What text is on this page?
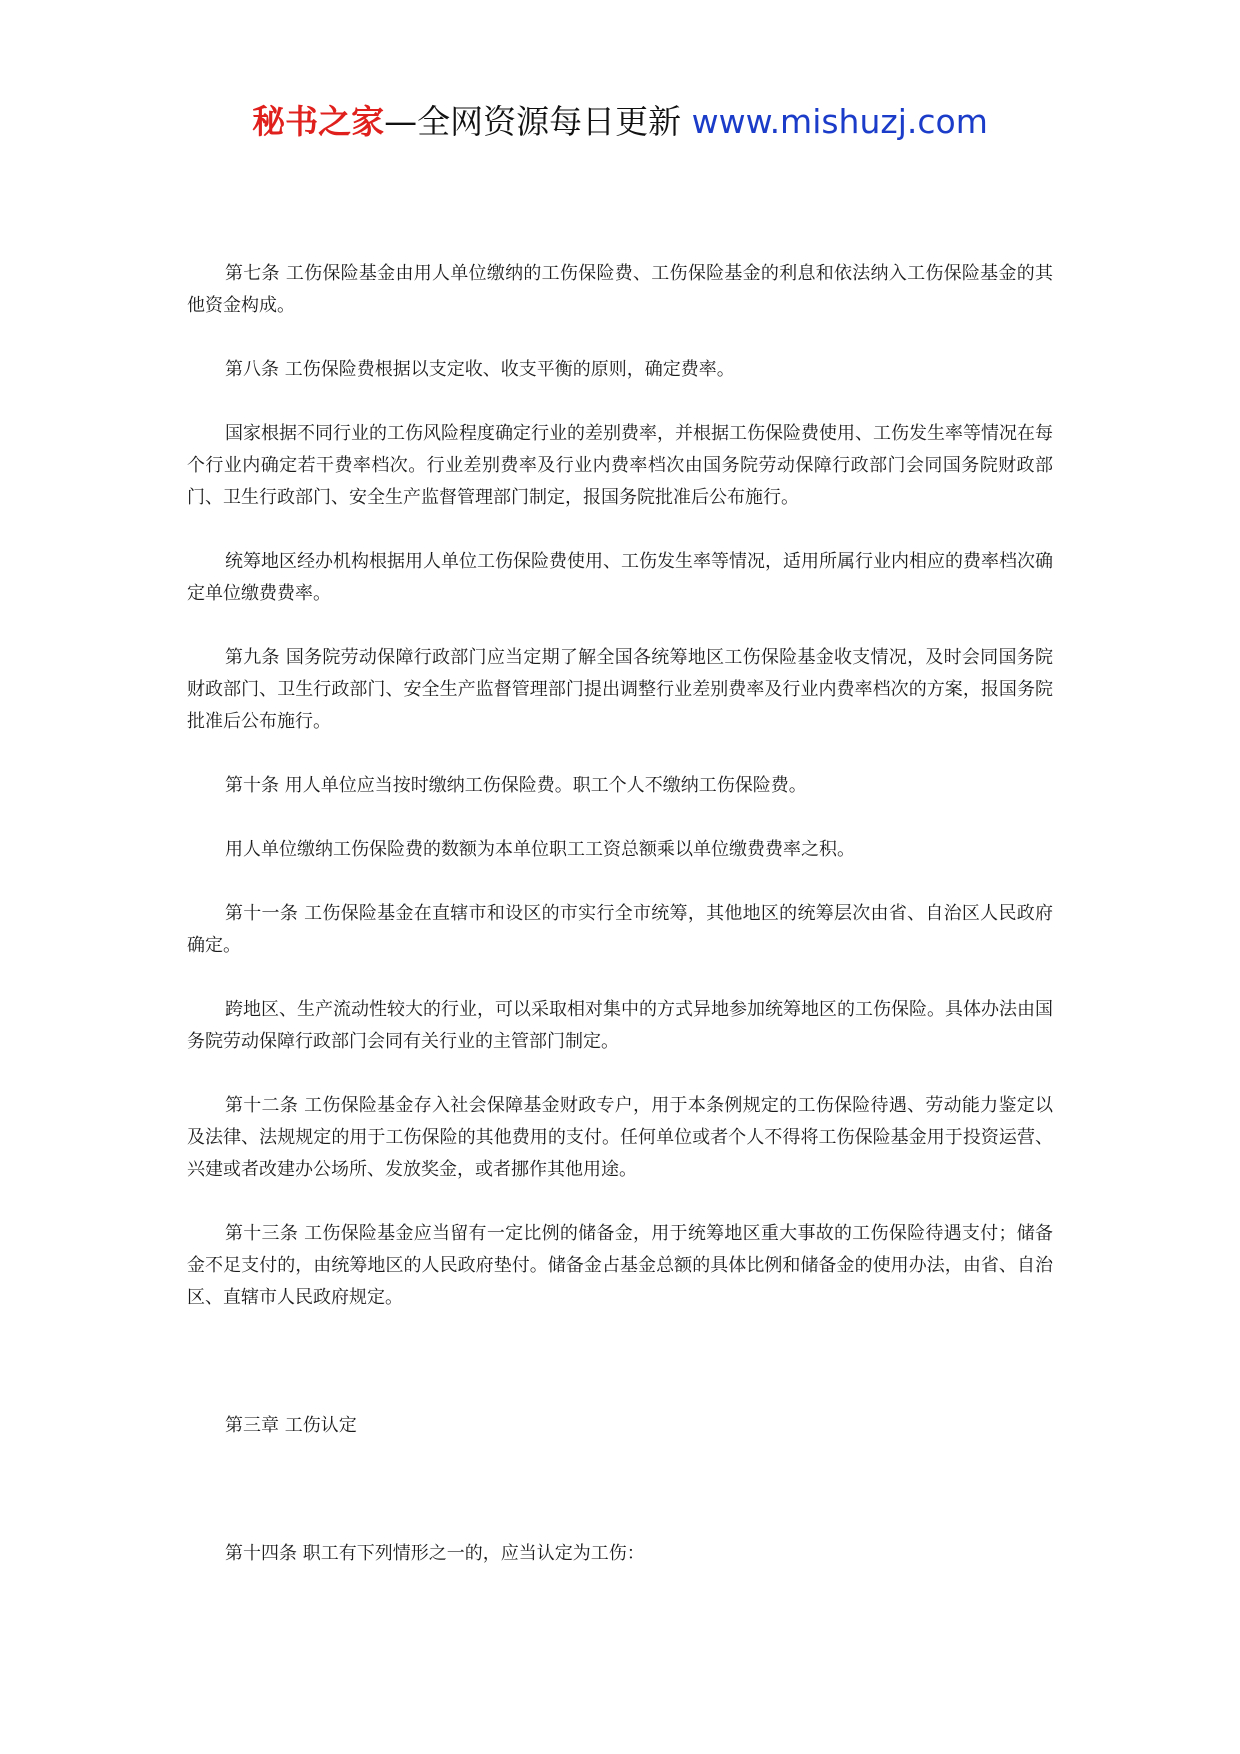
秘书之家—全网资源每日更新 www.mishuzj.com

第七条 工伤保险基金由用人单位缴纳的工伤保险费、工伤保险基金的利息和依法纳入工伤保险基金的其他资金构成。

第八条 工伤保险费根据以支定收、收支平衡的原则，确定费率。

国家根据不同行业的工伤风险程度确定行业的差别费率，并根据工伤保险费使用、工伤发生率等情况在每个行业内确定若干费率档次。行业差别费率及行业内费率档次由国务院劳动保障行政部门会同国务院财政部门、卫生行政部门、安全生产监督管理部门制定，报国务院批准后公布施行。

统筹地区经办机构根据用人单位工伤保险费使用、工伤发生率等情况，适用所属行业内相应的费率档次确定单位缴费费率。

第九条 国务院劳动保障行政部门应当定期了解全国各统筹地区工伤保险基金收支情况，及时会同国务院财政部门、卫生行政部门、安全生产监督管理部门提出调整行业差别费率及行业内费率档次的方案，报国务院批准后公布施行。

第十条 用人单位应当按时缴纳工伤保险费。职工个人不缴纳工伤保险费。

用人单位缴纳工伤保险费的数额为本单位职工工资总额乘以单位缴费费率之积。

第十一条 工伤保险基金在直辖市和设区的市实行全市统筹，其他地区的统筹层次由省、自治区人民政府确定。

跨地区、生产流动性较大的行业，可以采取相对集中的方式异地参加统筹地区的工伤保险。具体办法由国务院劳动保障行政部门会同有关行业的主管部门制定。

第十二条 工伤保险基金存入社会保障基金财政专户，用于本条例规定的工伤保险待遇、劳动能力鉴定以及法律、法规规定的用于工伤保险的其他费用的支付。任何单位或者个人不得将工伤保险基金用于投资运营、兴建或者改建办公场所、发放奖金，或者挪作其他用途。

第十三条 工伤保险基金应当留有一定比例的储备金，用于统筹地区重大事故的工伤保险待遇支付；储备金不足支付的，由统筹地区的人民政府垫付。储备金占基金总额的具体比例和储备金的使用办法，由省、自治区、直辖市人民政府规定。

第三章 工伤认定

第十四条 职工有下列情形之一的，应当认定为工伤：
